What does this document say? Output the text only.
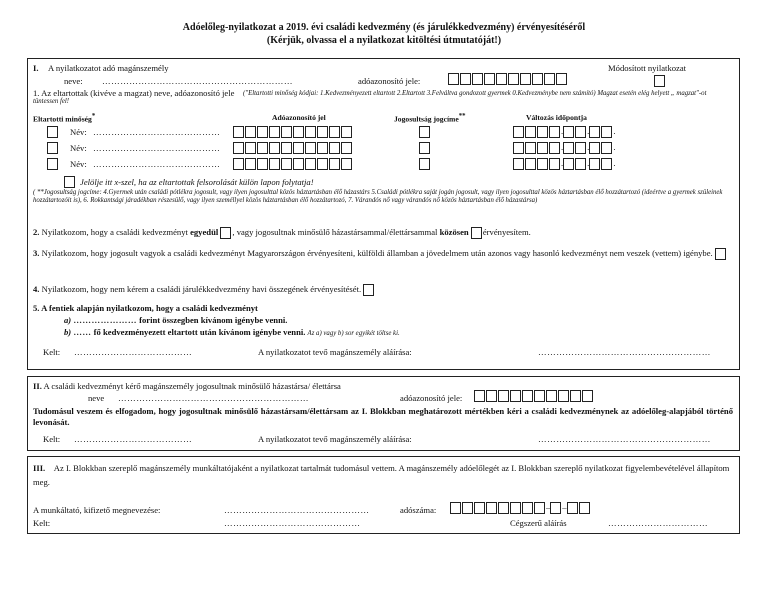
Adóelőleg-nyilatkozat a 2019. évi családi kedvezmény (és járulékkedvezmény) érvényesítéséről
(Kérjük, olvassa el a nyilatkozat kitöltési útmutatóját!)
I. A nyilatkozatot adó magánszemély	Módosított nyilatkozat
neve: ………………………………………………………	adóazonosító jele:
1. Az eltartottak (kivéve a magzat) neve, adóazonosító jele	("Eltartotti minőség kódjai: 1.Kedvezményezett eltartott 2.Eltartott 3.Felváltva gondozott gyermek 0.Kedvezménybe nem számító) Magzat esetén elég helyett „ magzat"-ot tüntessen fel!
Eltartotti minőség*	Adóazonosító jel	Jogosultság jogcíme**	Változás időpontja
Név: ……………………………………	.	.	.
Név: ……………………………………	.	.	.
Név: ……………………………………	.	.	.
Jelölje itt x-szel, ha az eltartottak felsorolását külön lapon folytatja!
( **Jogosultság jogcíme: 4.Gyermek után családi pótlékra jogosult, vagy ilyen jogosulttal közös háztartásban élő házastárs 5.Családi pótlékra saját jogán jogosult, vagy ilyen jogosulttal közös háztartásban élő hozzátartozó (ideértve a gyermek szüleinek hozzátartozóit is), 6. Rokkantsági járadékban részesülő, vagy ilyen személlyel közös háztartásban élő hozzátartozó, 7. Várandós nő vagy várandós nő közös háztartásban élő házastársa)
2. Nyilatkozom, hogy a családi kedvezményt egyedül , vagy jogosultnak minősülő házastársammal/élettársammal közösen érvényesítem.
3. Nyilatkozom, hogy jogosult vagyok a családi kedvezményt Magyarországon érvényesíteni, külföldi államban a jövedelmem után azonos vagy hasonló kedvezményt nem veszek (vettem) igénybe.
4. Nyilatkozom, hogy nem kérem a családi járulékkedvezmény havi összegének érvényesítését.
5. A fentiek alapján nyilatkozom, hogy a családi kedvezményt
a) ………………… forint összegben kívánom igénybe venni.
b) …… fő kedvezményezett eltartott után kívánom igénybe venni. Az a) vagy b) sor egyikét töltse ki.
Kelt: …………………………………	A nyilatkozatot tevő magánszemély aláírása:	…………………………………………………
II. A családi kedvezményt kérő magánszemély jogosultnak minősülő házastársa/ élettársa
neve ………………………………………………………	adóazonosító jele:
Tudomásul veszem és elfogadom, hogy jogosultnak minősülő házastársam/élettársam az I. Blokkban meghatározott mértékben kéri a családi kedvezménynek az adóelőleg-alapjából történő levonását.
Kelt: …………………………………	A nyilatkozatot tevő magánszemély aláírása:	…………………………………………………
III. Az I. Blokkban szereplő magánszemély munkáltatójaként a nyilatkozat tartalmát tudomásul vettem. A magánszemély adóelőlegét az I. Blokkban szereplő nyilatkozat figyelembevételével állapítom meg.
A munkáltató, kifizető megnevezése:	…………………………………………	adószáma:	– –
Kelt:	………………………………………	Cégszerű aláírás	……………………………
